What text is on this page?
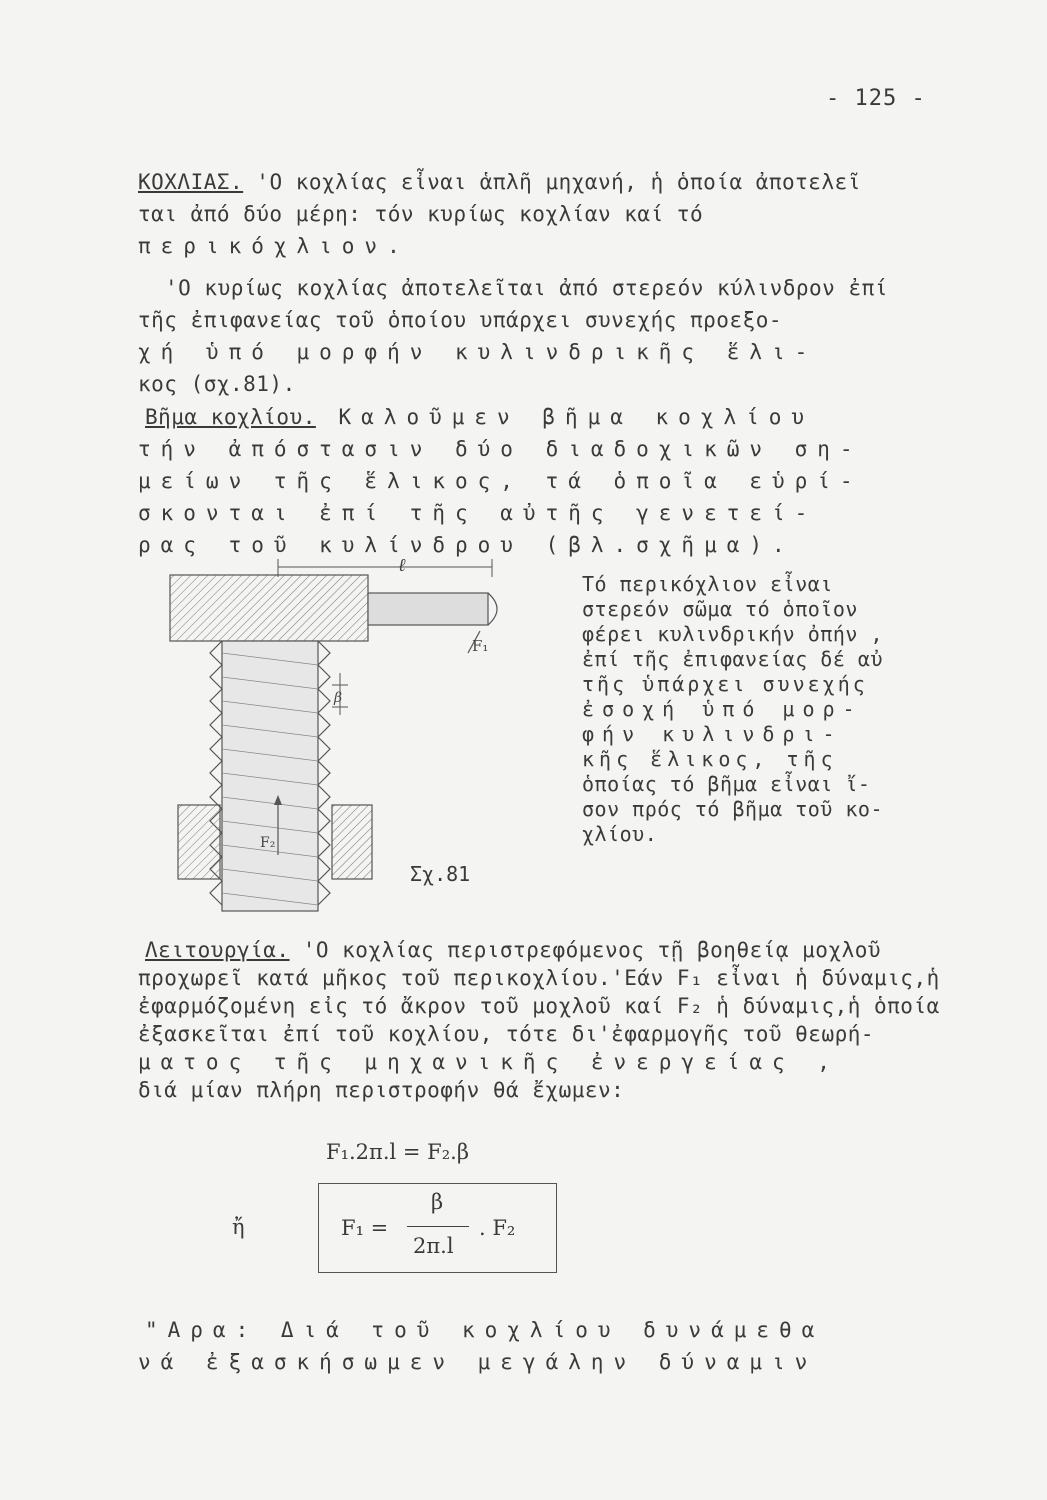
- 125 -
ΚΟΧΛΙΑΣ. 'Ο κοχλίας εἶναι ἁπλῆ μηχανή, ἡ ὁποία ἀποτελεῖ
ται ἀπό δύο μέρη: τόν κυρίως κοχλίαν καί τό
περικόχλιον.
'Ο κυρίως κοχλίας ἀποτελεῖται ἀπό στερεόν κύλινδρον ἐπί
τῆς ἐπιφανείας τοῦ ὁποίου υπάρχει συνεχής προεξο-
χή ὑπό μορφήν κυλινδρικῆς ἕλι-
κος (σχ.81).
Βῆμα κοχλίου. Καλοῦμεν βῆμα κοχλίου
τήν ἀπόστασιν δύο διαδοχικῶν ση-
μείων τῆς ἕλικος, τά ὁποῖα εὑρί-
σκονται ἐπί τῆς αὐτῆς γενετεί-
ρας τοῦ κυλίνδρου (βλ.σχῆμα).
ℓ
F₁
β
F₂
Σχ.81
Τό περικόχλιον εἶναι
στερεόν σῶμα τό ὁποῖον
φέρει κυλινδρικήν ὀπήν ,
ἐπί τῆς ἐπιφανείας δέ αὐ
τῆς ὑπάρχει συνεχής
ἐσοχή ὑπό μορ-
φήν κυλινδρι-
κῆς ἕλικος, τῆς
ὁποίας τό βῆμα εἶναι ἴ-
σον πρός τό βῆμα τοῦ κο-
χλίου.
Λειτουργία. 'Ο κοχλίας περιστρεφόμενος τῇ βοηθείᾳ μοχλοῦ
προχωρεῖ κατά μῆκος τοῦ περικοχλίου.'Εάν F₁ εἶναι ἡ δύναμις,ἡ
ἐφαρμόζομένη εἰς τό ἄκρον τοῦ μοχλοῦ καί F₂ ἡ δύναμις,ἡ ὁποία
ἐξασκεῖται ἐπί τοῦ κοχλίου, τότε δι'ἐφαρμογῆς τοῦ θεωρή-
ματος τῆς μηχανικῆς ἐνεργείας ,
διά μίαν πλήρη περιστροφήν θά ἔχωμεν:
F₁.2π.l = F₂.β
ἤ	F₁ =
β
2π.l
. F₂
"Αρα: Διά τοῦ κοχλίου δυνάμεθα
νά ἐξασκήσωμεν μεγάλην δύναμιν
